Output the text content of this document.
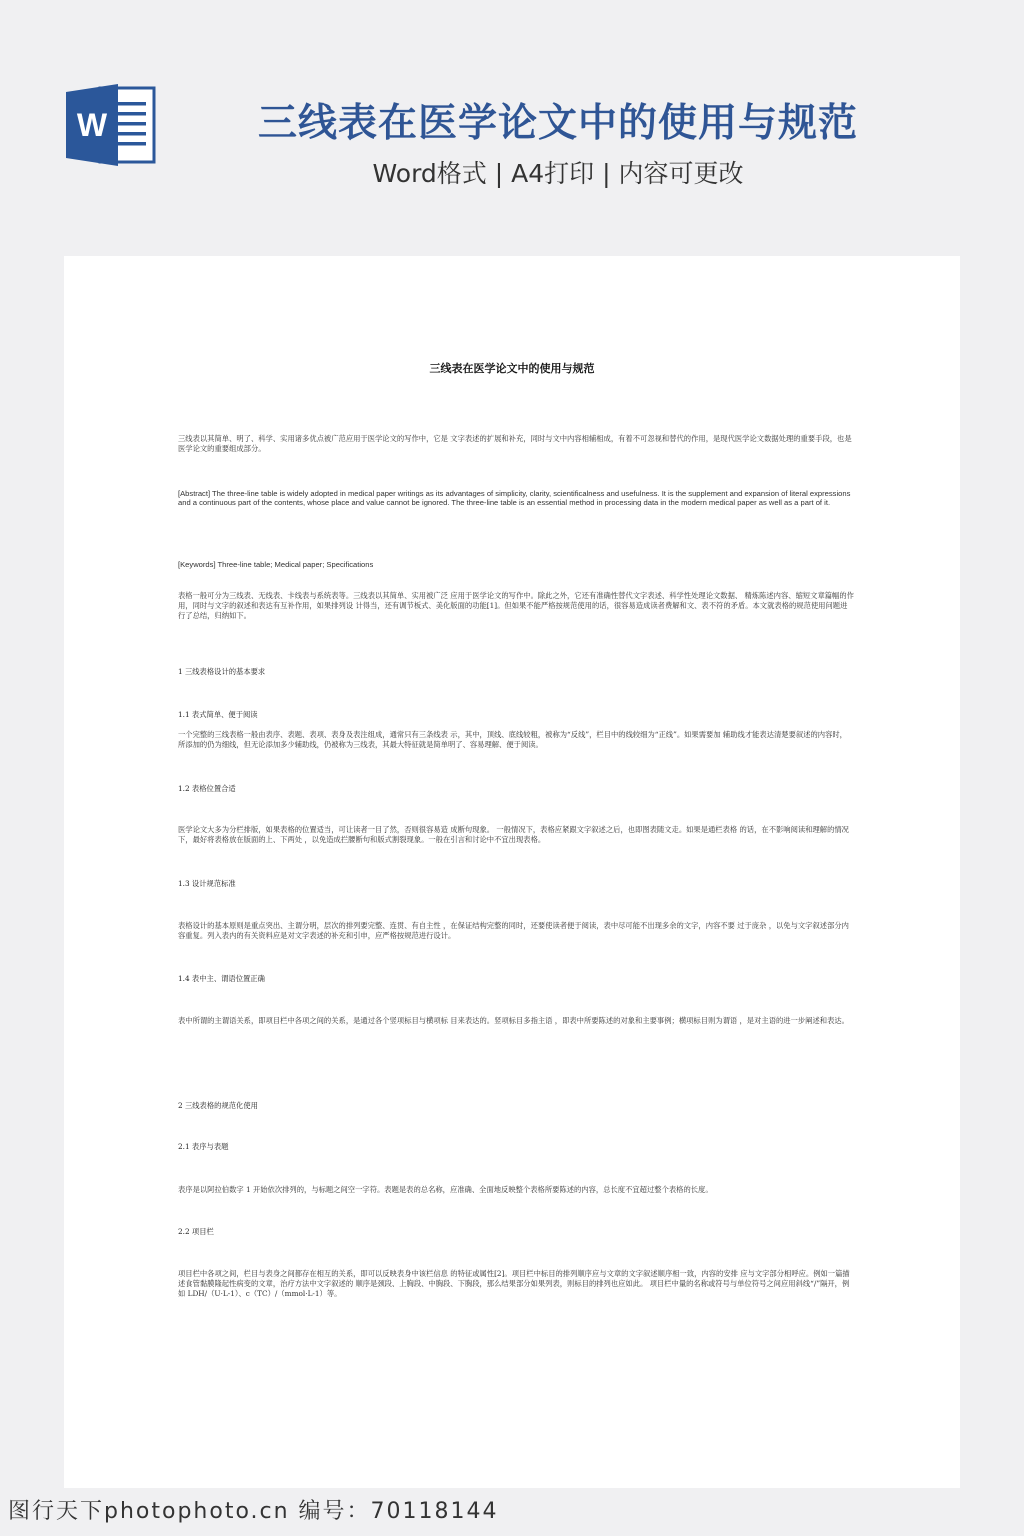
W	三线表在医学论文中的使用与规范
Word格式 | A4打印 | 内容可更改
三线表在医学论文中的使用与规范

三线表以其简单、明了、科学、实用诸多优点被广范应用于医学论文的写作中，它是 文字表述的扩展和补充，同时与文中内容相辅相成，有着不可忽视和替代的作用，是现代医学论文数据处理的重要手段，也是医学论文的重要组成部分。

[Abstract] The three-line table is widely adopted in medical paper writings as its advantages of simplicity, clarity, scientificalness and usefulness. It is the supplement and expansion of literal expressions and a continuous part of the contents, whose place and value cannot be ignored. The three-line table is an essential method in processing data in the modern medical paper as well as a part of it.

[Keywords] Three-line table; Medical paper; Specifications

表格一般可分为三线表、无线表、卡线表与系统表等。三线表以其简单、实用被广泛 应用于医学论文的写作中。除此之外，它还有准确性替代文字表述、科学性处理论文数据、 精炼陈述内容、缩短文章篇幅的作用，同时与文字的叙述和表达有互补作用，如果排列设 计得当，还有调节板式、美化版面的功能[1]。但如果不能严格按规范使用的话，很容易造成读者费解和文、表不符的矛盾。本文就表格的规范使用问题进行了总结，归纳如下。

1 三线表格设计的基本要求

1.1 表式简单、便于阅读

一个完整的三线表格一般由表序、表题、表项、表身及表注组成，通常只有三条线表 示，其中，顶线、底线较粗，被称为“反线”，栏目中的线较细为“正线”。如果需要加 辅助线才能表达清楚要叙述的内容时，所添加的仍为细线，但无论添加多少辅助线，仍被称为三线表，其最大特征就是简单明了、容易理解、便于阅读。

1.2 表格位置合适

医学论文大多为分栏排版，如果表格的位置适当，可让读者一目了然，否则很容易造 成断句现象。 一般情况下，表格应紧跟文字叙述之后，也即图表随文走。如果是通栏表格 的话，在不影响阅读和理解的情况下，最好将表格放在版面的上、下两处 ，以免造成拦腰断句和版式割裂现象。一般在引言和讨论中不宜出现表格。

1.3 设计规范标准

表格设计的基本原则是重点突出、主谓分明，层次的排列要完整、连贯、有自主性 ，在保证结构完整的同时，还要使读者便于阅读，表中尽可能不出现多余的文字，内容不要 过于庞杂 ，以免与文字叙述部分内容重复。列入表内的有关资料应是对文字表述的补充和引申，应严格按规范进行设计。

1.4 表中主、谓语位置正确

表中所谓的主谓语关系，即项目栏中各项之间的关系，是通过各个竖项标目与横项标 目来表达的。竖项标目多指主语 ，即表中所要陈述的对象和主要事例；横项标目则为谓语 ，是对主语的进一步阐述和表达。

2 三线表格的规范化使用

2.1 表序与表题

表序是以阿拉伯数字 1 开始依次排列的，与标题之间空一字符。表题是表的总名称，应准确、全面地反映整个表格所要陈述的内容，总长度不宜超过整个表格的长度。

2.2 项目栏

项目栏中各项之间，栏目与表身之间都存在相互的关系，即可以反映表身中该栏信息 的特征或属性[2]。项目栏中标目的排列顺序应与文章的文字叙述顺序相一致，内容的安排 应与文字部分相呼应。例如一篇描述食管黏膜隆起性病变的文章，治疗方法中文字叙述的 顺序是颈段、上胸段、中胸段、下胸段，那么结果部分如果列表，则标目的排列也应如此。 项目栏中量的名称或符号与单位符号之间应用斜线“/”隔开，例如 LDH/（U·L-1）、c（TC）/（mmol·L-1）等。

图行天下photophoto.cn 编号：70118144
